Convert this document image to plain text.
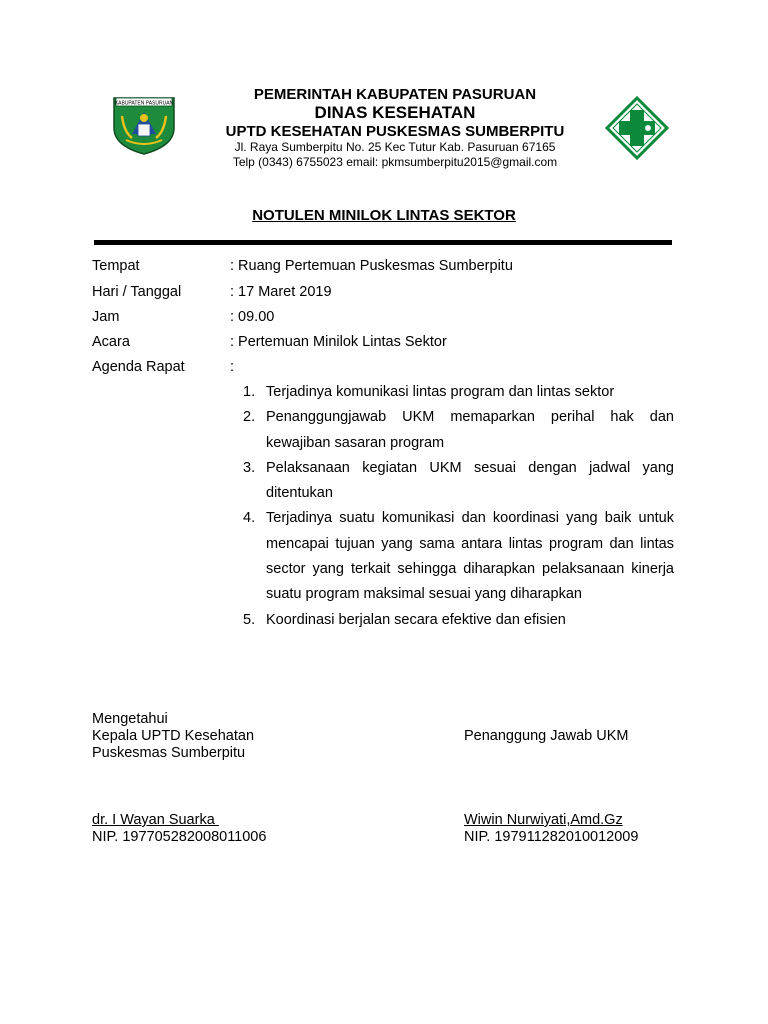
KABUPATEN PASURUAN
PEMERINTAH KABUPATEN PASURUAN
DINAS KESEHATAN
UPTD KESEHATAN PUSKESMAS SUMBERPITU
Jl. Raya Sumberpitu No. 25 Kec Tutur Kab. Pasuruan 67165
Telp (0343) 6755023 email: pkmsumberpitu2015@gmail.com
NOTULEN MINILOK LINTAS SEKTOR
Tempat	: Ruang Pertemuan Puskesmas Sumberpitu
Hari / Tanggal	: 17 Maret 2019
Jam	: 09.00
Acara	: Pertemuan Minilok Lintas Sektor
Agenda Rapat	:
1. Terjadinya komunikasi lintas program dan lintas sektor
2. Penanggungjawab UKM memaparkan perihal hak dan kewajiban sasaran program
3. Pelaksanaan kegiatan UKM sesuai dengan jadwal yang ditentukan
4. Terjadinya suatu komunikasi dan koordinasi yang baik untuk mencapai tujuan yang sama antara lintas program dan lintas sector yang terkait sehingga diharapkan pelaksanaan kinerja suatu program maksimal sesuai yang diharapkan
5. Koordinasi berjalan secara efektive dan efisien
Mengetahui
Kepala UPTD Kesehatan
Puskesmas Sumberpitu
Penanggung Jawab UKM
dr. I Wayan Suarka
NIP. 197705282008011006
Wiwin Nurwiyati,Amd.Gz
NIP. 197911282010012009
